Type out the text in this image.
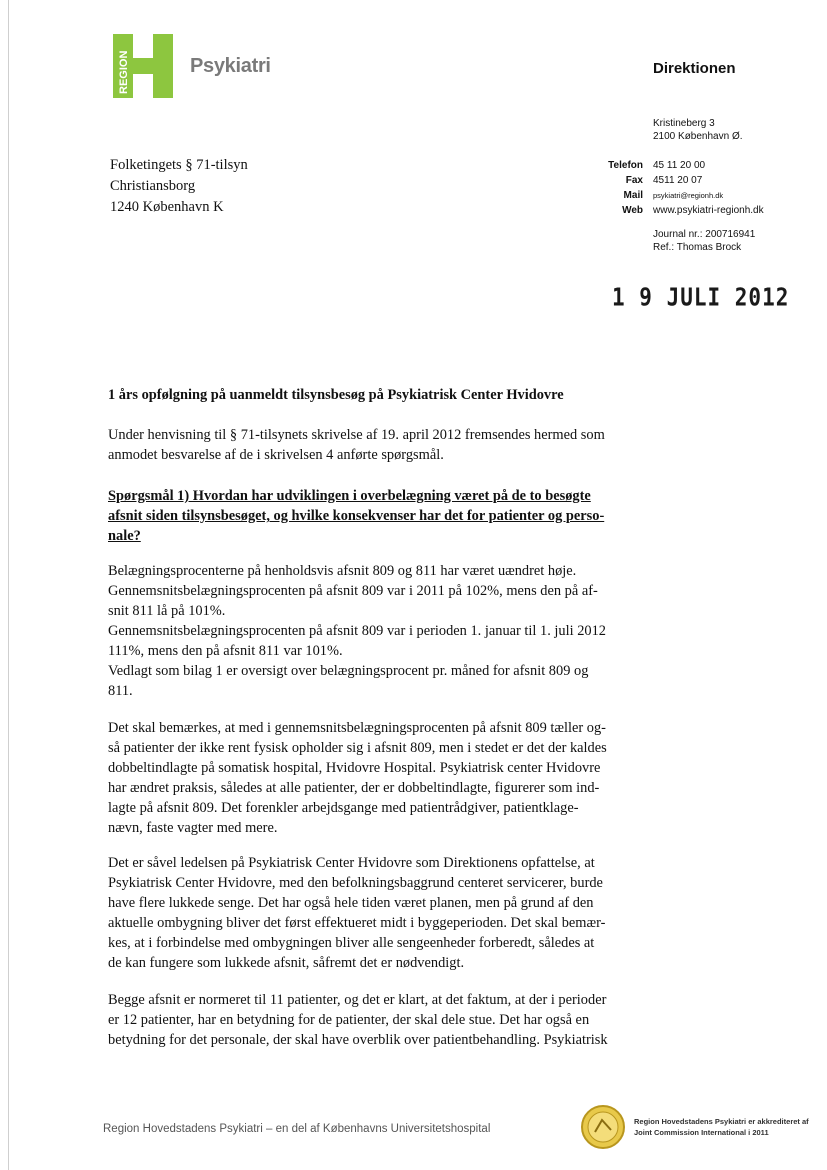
REGION	Psykiatri	Direktionen
Kristineberg 3
2100 København Ø.
Telefon	45 11 20 00
Fax	4511 20 07
Mail	psykiatri@regionh.dk
Web	www.psykiatri-regionh.dk
Journal nr.: 200716941
Ref.: Thomas Brock
Folketingets § 71-tilsyn
Christiansborg
1240 København K
1 9 JULI 2012
1 års opfølgning på uanmeldt tilsynsbesøg på Psykiatrisk Center Hvidovre

Under henvisning til § 71-tilsynets skrivelse af 19. april 2012 fremsendes hermed som

anmodet besvarelse af de i skrivelsen 4 anførte spørgsmål.

Spørgsmål 1) Hvordan har udviklingen i overbelægning været på de to besøgte

afsnit siden tilsynsbesøget, og hvilke konsekvenser har det for patienter og perso-

nale?

Belægningsprocenterne på henholdsvis afsnit 809 og 811 har været uændret høje.

Gennemsnitsbelægningsprocenten på afsnit 809 var i 2011 på 102%, mens den på af-

snit 811 lå på 101%.

Gennemsnitsbelægningsprocenten på afsnit 809 var i perioden 1. januar til 1. juli 2012

111%, mens den på afsnit 811 var 101%.

Vedlagt som bilag 1 er oversigt over belægningsprocent pr. måned for afsnit 809 og

811.

Det skal bemærkes, at med i gennemsnitsbelægningsprocenten på afsnit 809 tæller og-

så patienter der ikke rent fysisk opholder sig i afsnit 809, men i stedet er det der kaldes

dobbeltindlagte på somatisk hospital, Hvidovre Hospital. Psykiatrisk center Hvidovre

har ændret praksis, således at alle patienter, der er dobbeltindlagte, figurerer som ind-

lagte på afsnit 809. Det forenkler arbejdsgange med patientrådgiver, patientklage-

nævn, faste vagter med mere.

Det er såvel ledelsen på Psykiatrisk Center Hvidovre som Direktionens opfattelse, at

Psykiatrisk Center Hvidovre, med den befolkningsbaggrund centeret servicerer, burde

have flere lukkede senge. Det har også hele tiden været planen, men på grund af den

aktuelle ombygning bliver det først effektueret midt i byggeperioden. Det skal bemær-

kes, at i forbindelse med ombygningen bliver alle sengeenheder forberedt, således at

de kan fungere som lukkede afsnit, såfremt det er nødvendigt.

Begge afsnit er normeret til 11 patienter, og det er klart, at det faktum, at der i perioder

er 12 patienter, har en betydning for de patienter, der skal dele stue. Det har også en

betydning for det personale, der skal have overblik over patientbehandling. Psykiatrisk

Region Hovedstadens Psykiatri – en del af Københavns Universitetshospital
Region Hovedstadens Psykiatri er akkrediteret af
Joint Commission International i 2011
